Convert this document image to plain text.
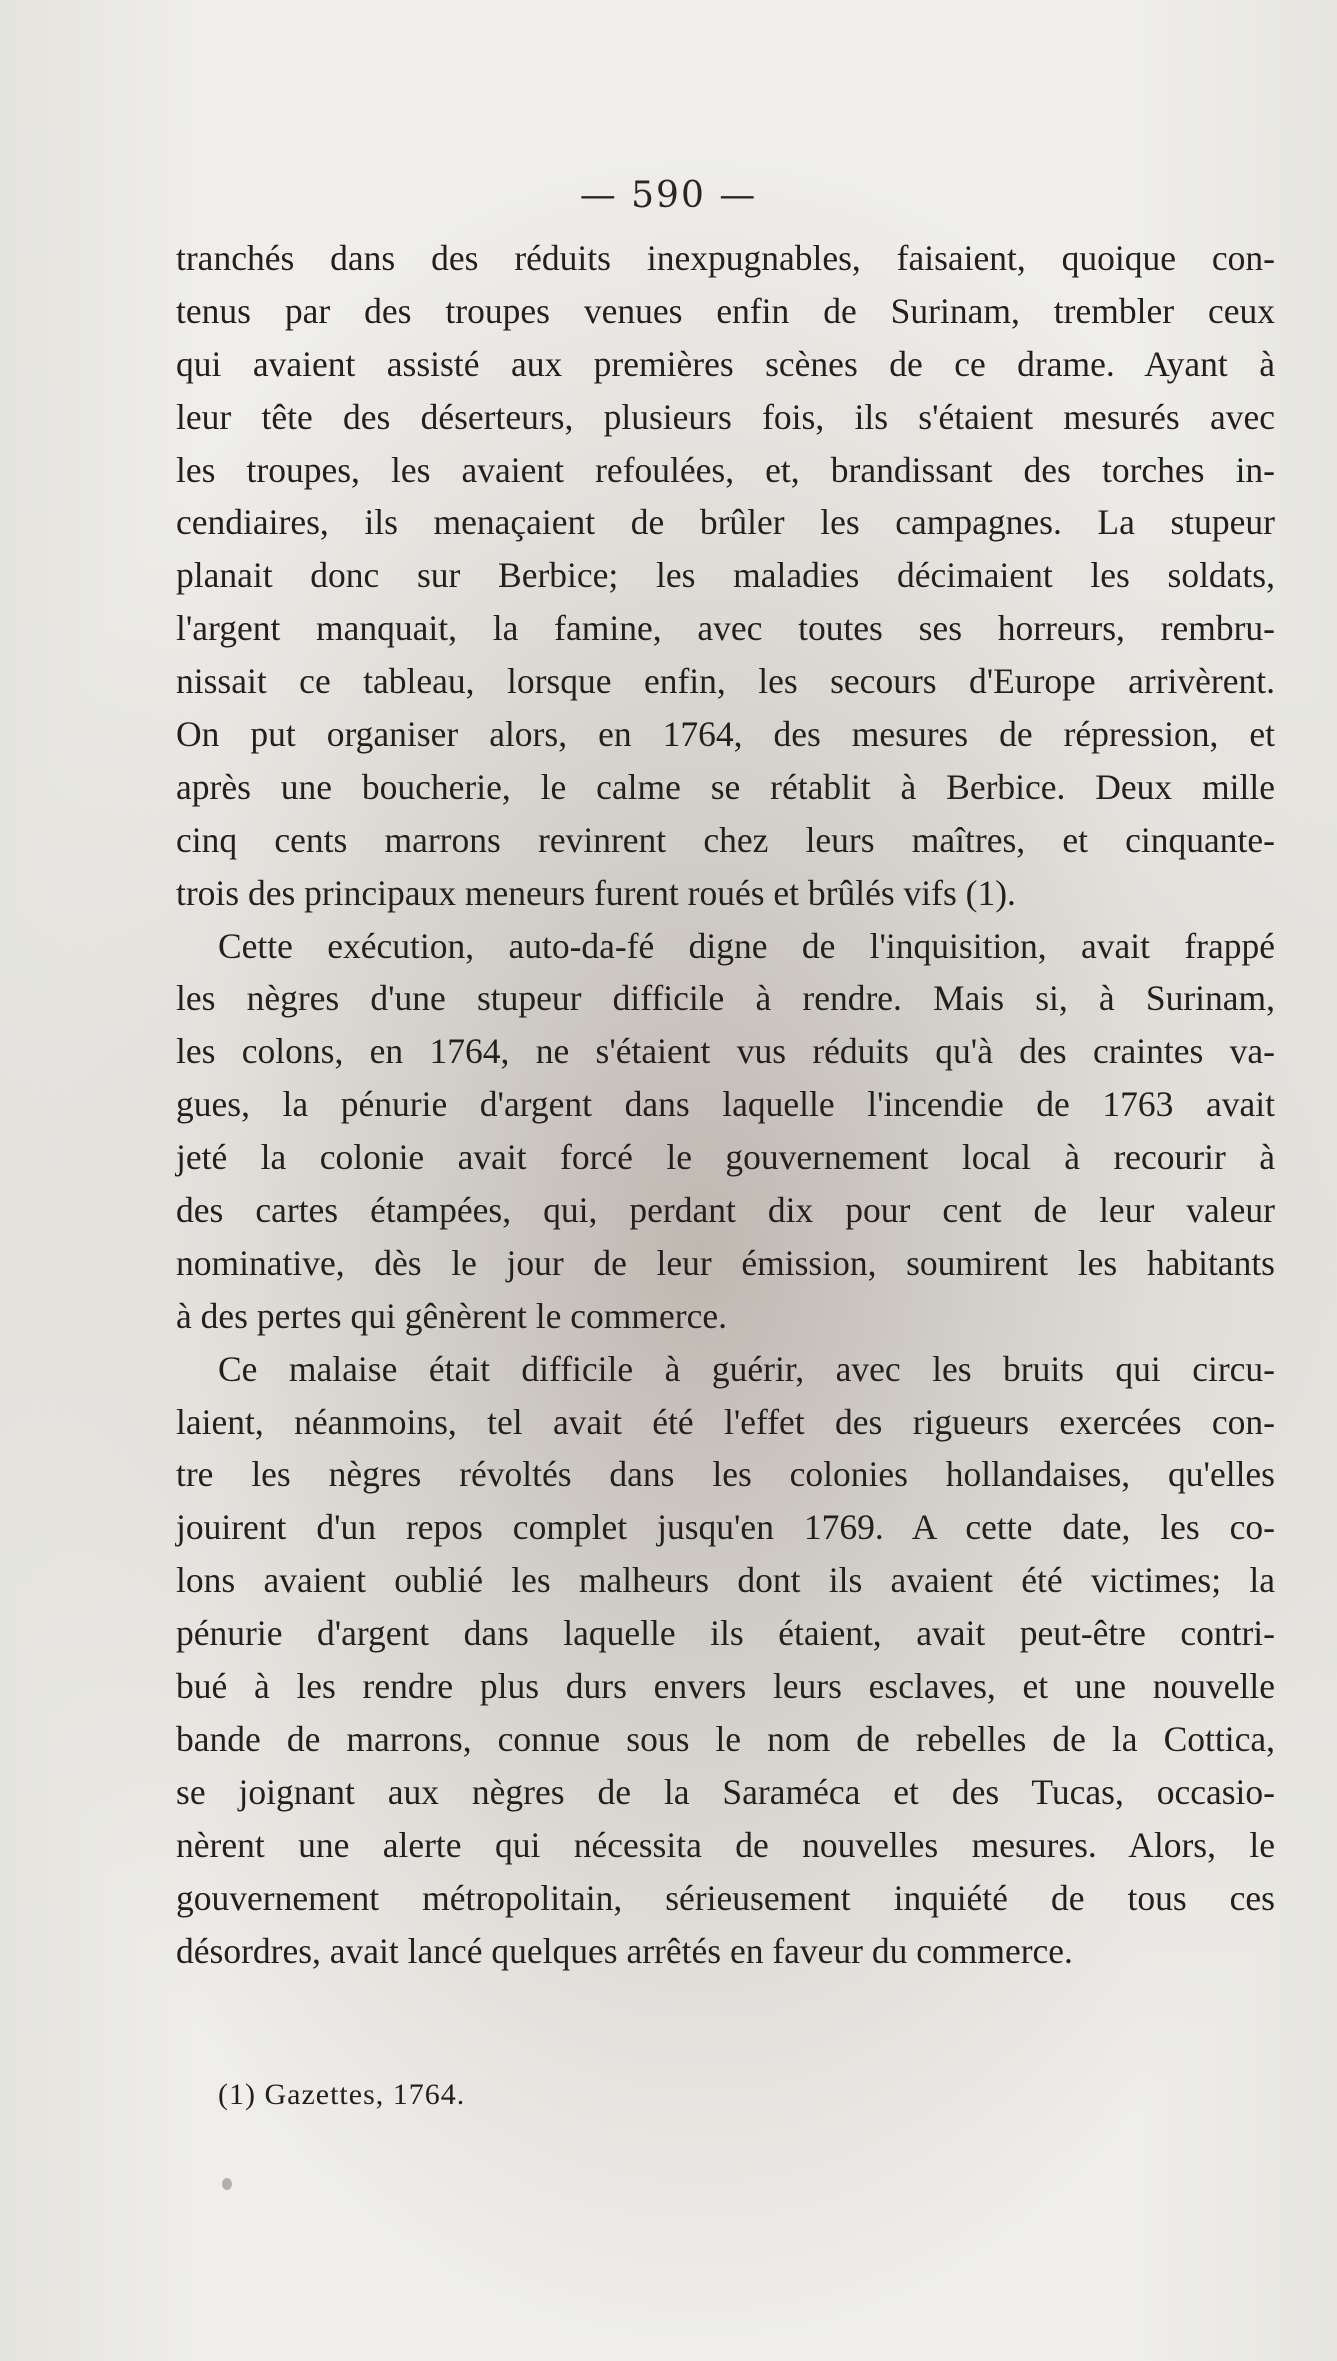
— 590 —
tranchés dans des réduits inexpugnables, faisaient, quoique con-
tenus par des troupes venues enfin de Surinam, trembler ceux
qui avaient assisté aux premières scènes de ce drame. Ayant à
leur tête des déserteurs, plusieurs fois, ils s'étaient mesurés avec
les troupes, les avaient refoulées, et, brandissant des torches in-
cendiaires, ils menaçaient de brûler les campagnes. La stupeur
planait donc sur Berbice; les maladies décimaient les soldats,
l'argent manquait, la famine, avec toutes ses horreurs, rembru-
nissait ce tableau, lorsque enfin, les secours d'Europe arrivèrent.
On put organiser alors, en 1764, des mesures de répression, et
après une boucherie, le calme se rétablit à Berbice. Deux mille
cinq cents marrons revinrent chez leurs maîtres, et cinquante-
trois des principaux meneurs furent roués et brûlés vifs (1).
Cette exécution, auto-da-fé digne de l'inquisition, avait frappé
les nègres d'une stupeur difficile à rendre. Mais si, à Surinam,
les colons, en 1764, ne s'étaient vus réduits qu'à des craintes va-
gues, la pénurie d'argent dans laquelle l'incendie de 1763 avait
jeté la colonie avait forcé le gouvernement local à recourir à
des cartes étampées, qui, perdant dix pour cent de leur valeur
nominative, dès le jour de leur émission, soumirent les habitants
à des pertes qui gênèrent le commerce.
Ce malaise était difficile à guérir, avec les bruits qui circu-
laient, néanmoins, tel avait été l'effet des rigueurs exercées con-
tre les nègres révoltés dans les colonies hollandaises, qu'elles
jouirent d'un repos complet jusqu'en 1769. A cette date, les co-
lons avaient oublié les malheurs dont ils avaient été victimes; la
pénurie d'argent dans laquelle ils étaient, avait peut-être contri-
bué à les rendre plus durs envers leurs esclaves, et une nouvelle
bande de marrons, connue sous le nom de rebelles de la Cottica,
se joignant aux nègres de la Saraméca et des Tucas, occasio-
nèrent une alerte qui nécessita de nouvelles mesures. Alors, le
gouvernement métropolitain, sérieusement inquiété de tous ces
désordres, avait lancé quelques arrêtés en faveur du commerce.
(1) Gazettes, 1764.
